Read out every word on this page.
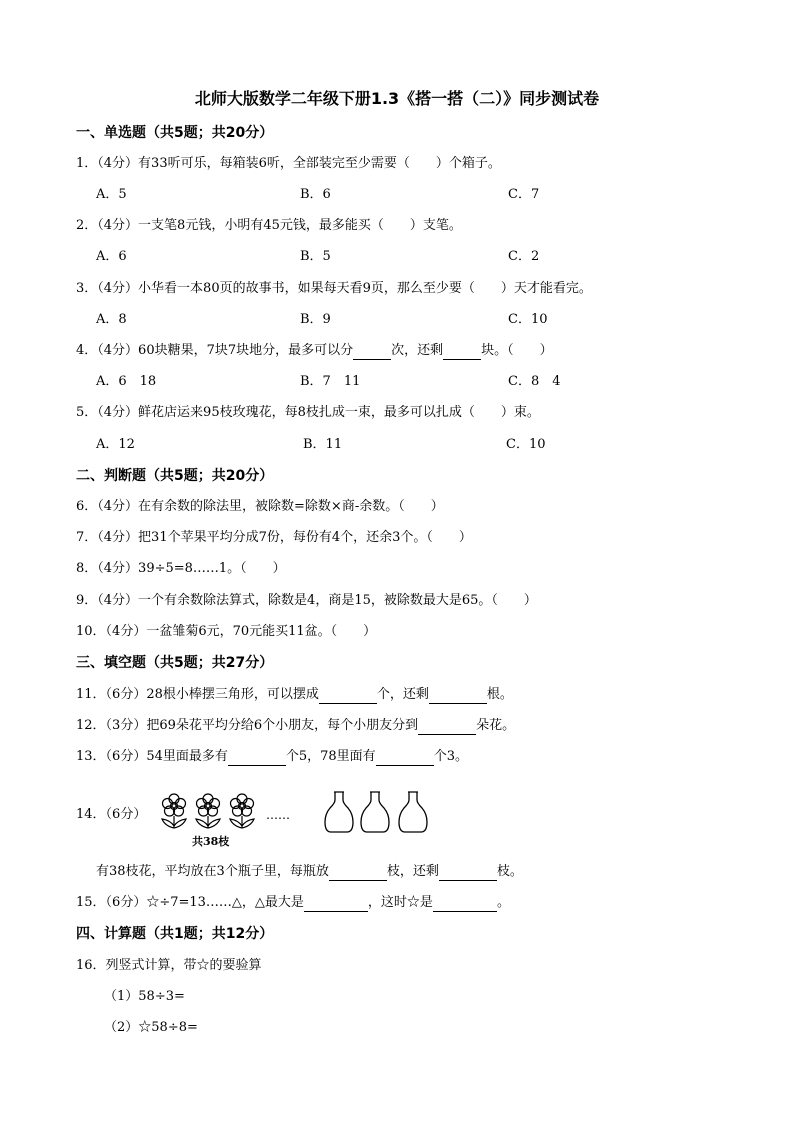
北师大版数学二年级下册1.3《搭一搭（二）》同步测试卷
一、单选题（共5题；共20分）
1．（4分）有33听可乐，每箱装6听，全部装完至少需要（　　）个箱子。
A．5	B．6	C．7
2．（4分）一支笔8元钱，小明有45元钱，最多能买（　　）支笔。
A．6	B．5	C．2
3．（4分）小华看一本80页的故事书，如果每天看9页，那么至少要（　　）天才能看完。
A．8	B．9	C．10
4．（4分）60块糖果，7块7块地分，最多可以分	次，还剩	块。（　　）
A．6　18	B．7　11	C．8　4
5．（4分）鲜花店运来95枝玫瑰花，每8枝扎成一束，最多可以扎成（　　）束。
A．12	B．11	C．10
二、判断题（共5题；共20分）
6．（4分）在有余数的除法里，被除数=除数×商-余数。（　　）
7．（4分）把31个苹果平均分成7份，每份有4个，还余3个。（　　）
8．（4分）39÷5=8……1。（　　）
9．（4分）一个有余数除法算式，除数是4，商是15，被除数最大是65。（　　）
10．（4分）一盆雏菊6元，70元能买11盆。（　　）
三、填空题（共5题；共27分）
11．（6分）28根小棒摆三角形，可以摆成	个，还剩	根。
12．（3分）把69朵花平均分给6个小朋友，每个小朋友分到	朵花。
13．（6分）54里面最多有	个5，78里面有	个3。
14．（6分）	……
共38枝
有38枝花，平均放在3个瓶子里，每瓶放	枝，还剩	枝。
15．（6分）☆÷7=13……△，△最大是	，这时☆是	。
四、计算题（共1题；共12分）
16．列竖式计算，带☆的要验算
（1）58÷3=
（2）☆58÷8=
